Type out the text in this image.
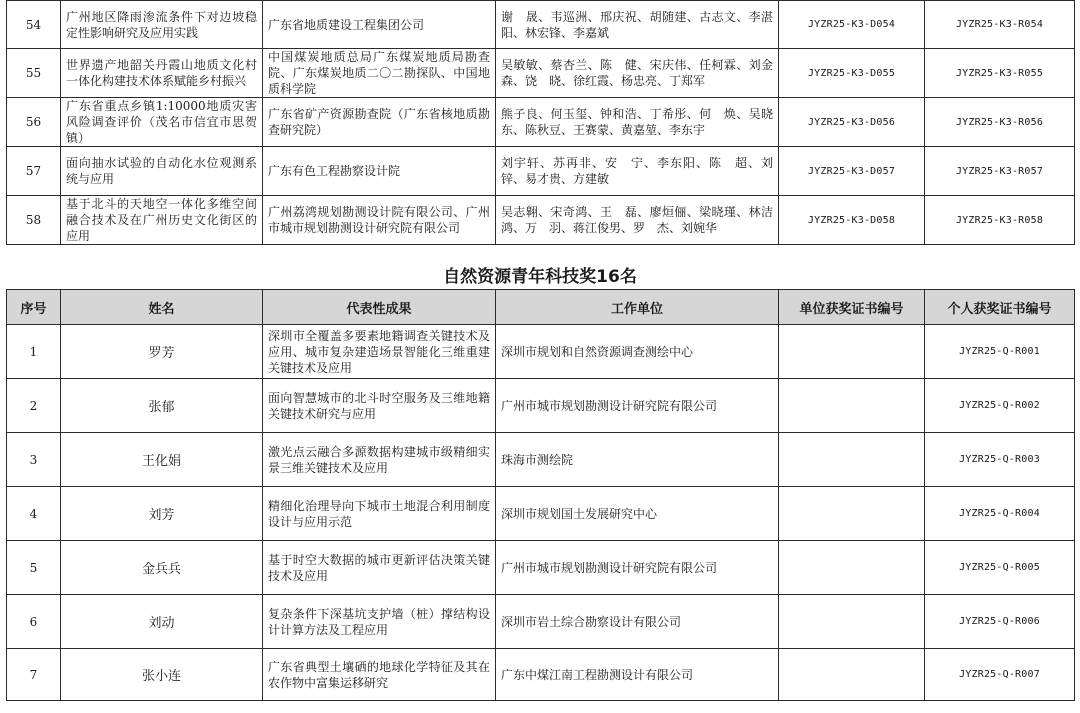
54	广州地区降雨渗流条件下对边坡稳定性影响研究及应用实践	广东省地质建设工程集团公司	谢　晟、韦巡洲、邢庆祝、胡随建、古志文、李湛阳、林宏锋、李嘉斌	JYZR25-K3-D054	JYZR25-K3-R054
55	世界遗产地韶关丹霞山地质文化村一体化构建技术体系赋能乡村振兴	中国煤炭地质总局广东煤炭地质局勘查院、广东煤炭地质二〇二勘探队、中国地质科学院	吴敏敏、蔡杏兰、陈　健、宋庆伟、任柯霖、刘金森、饶　晓、徐红霞、杨忠亮、丁郑军	JYZR25-K3-D055	JYZR25-K3-R055
56	广东省重点乡镇1:10000地质灾害风险调查评价（茂名市信宜市思贺镇）	广东省矿产资源勘查院（广东省核地质勘查研究院）	熊子良、何玉玺、钟和浩、丁希彤、何　焕、吴晓东、陈秋豆、王赛蒙、黄嘉堃、李东宇	JYZR25-K3-D056	JYZR25-K3-R056
57	面向抽水试验的自动化水位观测系统与应用	广东有色工程勘察设计院	刘宇轩、苏再非、安　宁、李东阳、陈　超、刘锌、易才贵、方建敏	JYZR25-K3-D057	JYZR25-K3-R057
58	基于北斗的天地空一体化多维空间融合技术及在广州历史文化街区的应用	广州荔湾规划勘测设计院有限公司、广州市城市规划勘测设计研究院有限公司	吴志翱、宋奇鸿、王　磊、廖烜俪、梁晓瑾、林洁鸿、万　羽、蒋江俊男、罗　杰、刘婉华	JYZR25-K3-D058	JYZR25-K3-R058
自然资源青年科技奖16名
序号	姓名	代表性成果	工作单位	单位获奖证书编号	个人获奖证书编号
1	罗芳	深圳市全覆盖多要素地籍调查关键技术及应用、城市复杂建造场景智能化三维重建关键技术及应用	深圳市规划和自然资源调查测绘中心		JYZR25-Q-R001
2	张郁	面向智慧城市的北斗时空服务及三维地籍关键技术研究与应用	广州市城市规划勘测设计研究院有限公司		JYZR25-Q-R002
3	王化娟	激光点云融合多源数据构建城市级精细实景三维关键技术及应用	珠海市测绘院		JYZR25-Q-R003
4	刘芳	精细化治理导向下城市土地混合利用制度设计与应用示范	深圳市规划国土发展研究中心		JYZR25-Q-R004
5	金兵兵	基于时空大数据的城市更新评估决策关键技术及应用	广州市城市规划勘测设计研究院有限公司		JYZR25-Q-R005
6	刘动	复杂条件下深基坑支护墙（桩）撑结构设计计算方法及工程应用	深圳市岩土综合勘察设计有限公司		JYZR25-Q-R006
7	张小连	广东省典型土壤硒的地球化学特征及其在农作物中富集运移研究	广东中煤江南工程勘测设计有限公司		JYZR25-Q-R007
